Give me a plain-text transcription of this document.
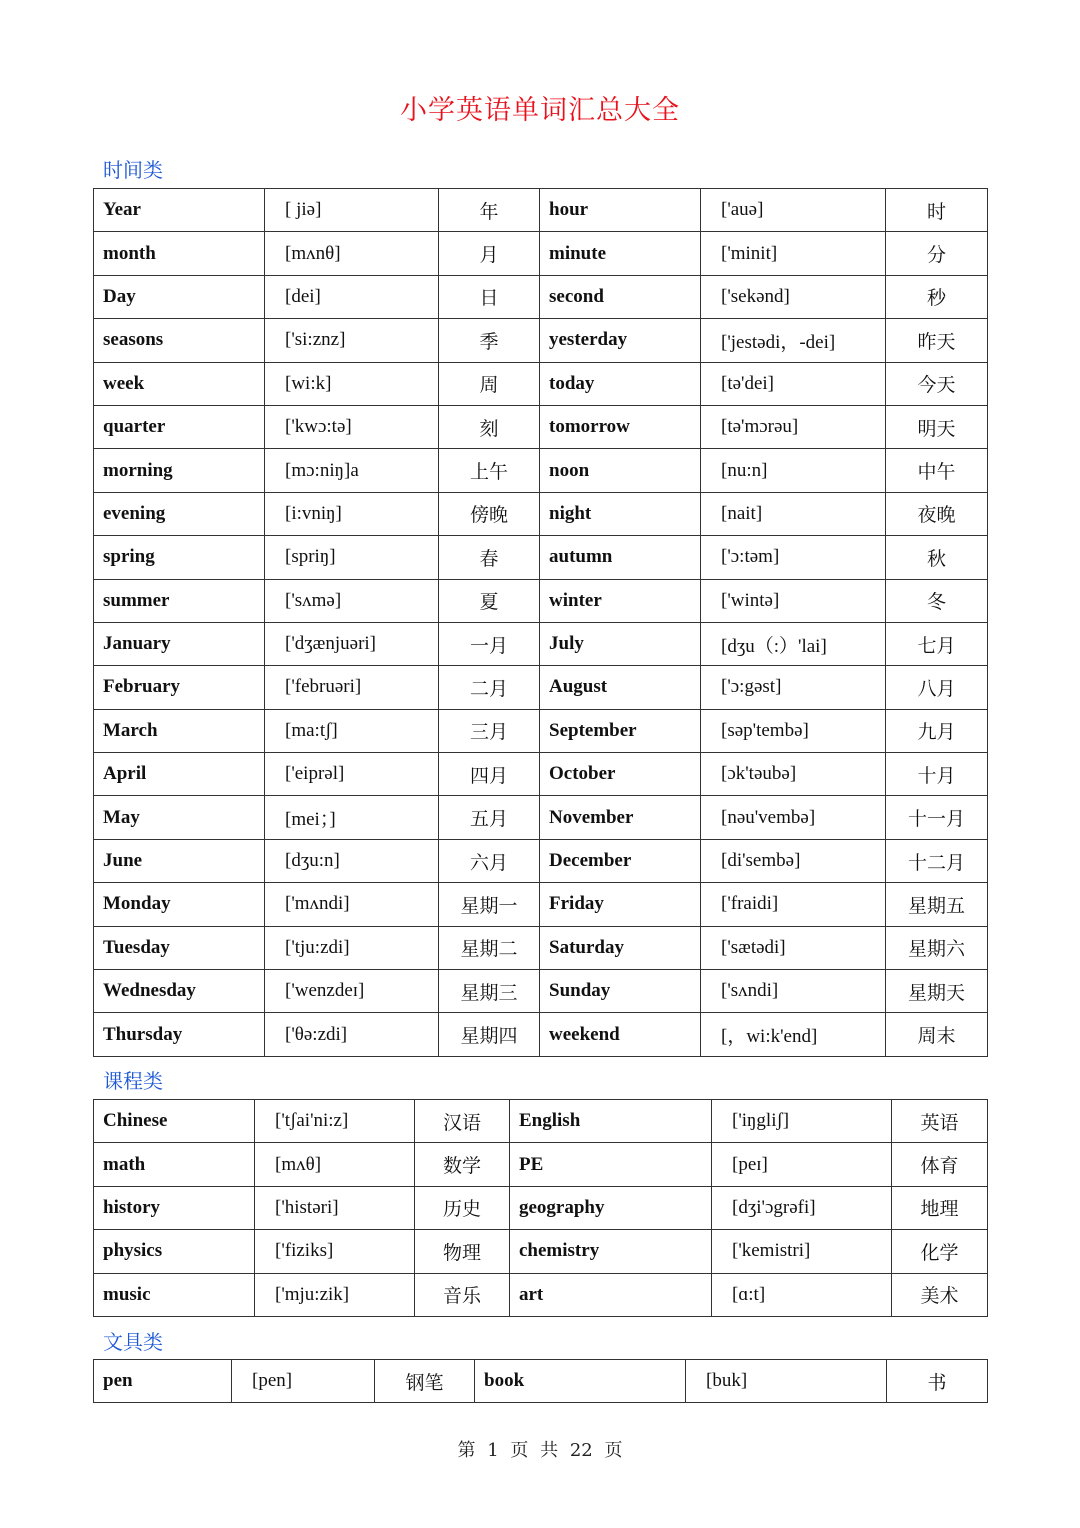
小学英语单词汇总大全
时间类
Year	[ jiə]	年	hour	['auə]	时
month	[mʌnθ]	月	minute	['minit]	分
Day	[dei]	日	second	['sekənd]	秒
seasons	['si:znz]	季	yesterday	['jestədi，-dei]	昨天
week	[wi:k]	周	today	[tə'dei]	今天
quarter	['kwɔ:tə]	刻	tomorrow	[tə'mɔrəu]	明天
morning	[mɔ:niŋ]a	上午	noon	[nu:n]	中午
evening	[i:vniŋ]	傍晚	night	[nait]	夜晚
spring	[spriŋ]	春	autumn	['ɔ:təm]	秋
summer	['sʌmə]	夏	winter	['wintə]	冬
January	['dʒænjuəri]	一月	July	[dʒu（:）'lai]	七月
February	['februəri]	二月	August	['ɔ:gəst]	八月
March	[ma:tʃ]	三月	September	[səp'tembə]	九月
April	['eiprəl]	四月	October	[ɔk'təubə]	十月
May	[mei；]	五月	November	[nəu'vembə]	十一月
June	[dʒu:n]	六月	December	[di'sembə]	十二月
Monday	['mʌndi]	星期一	Friday	['fraidi]	星期五
Tuesday	['tju:zdi]	星期二	Saturday	['sætədi]	星期六
Wednesday	['wenzdeɪ]	星期三	Sunday	['sʌndi]	星期天
Thursday	['θə:zdi]	星期四	weekend	[，wi:k'end]	周末
课程类
Chinese	['tʃai'ni:z]	汉语	English	['iŋgliʃ]	英语
math	[mʌθ]	数学	PE	[peɪ]	体育
history	['histəri]	历史	geography	[dʒi'ɔgrəfi]	地理
physics	['fiziks]	物理	chemistry	['kemistri]	化学
music	['mju:zik]	音乐	art	[ɑ:t]	美术
文具类
pen	[pen]	钢笔	book	[buk]	书
第 1 页 共 22 页
